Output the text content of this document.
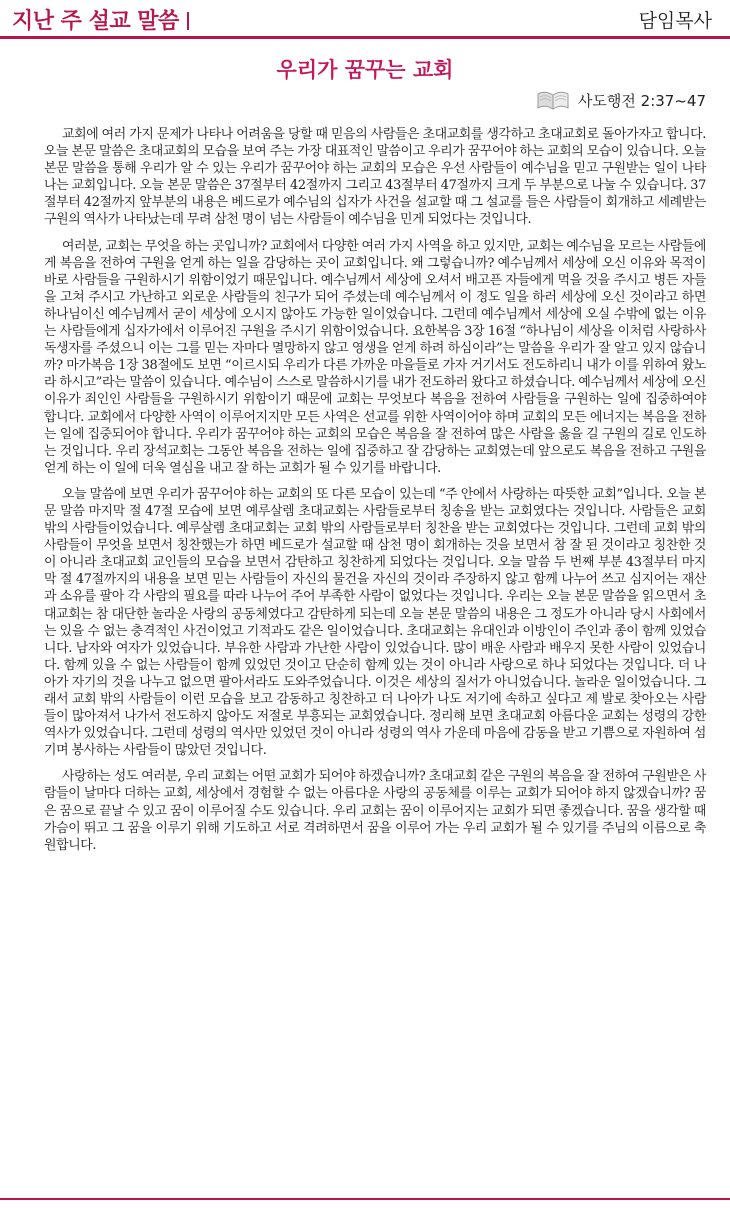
지난 주 설교 말씀	담임목사
우리가 꿈꾸는 교회
사도행전 2:37~47

교회에 여러 가지 문제가 나타나 어려움을 당할 때 믿음의 사람들은 초대교회를 생각하고 초대교회로 돌아가자고 합니다. 오늘 본문 말씀은 초대교회의 모습을 보여 주는 가장 대표적인 말씀이고 우리가 꿈꾸어야 하는 교회의 모습이 있습니다. 오늘 본문 말씀을 통해 우리가 알 수 있는 우리가 꿈꾸어야 하는 교회의 모습은 우선 사람들이 예수님을 믿고 구원받는 일이 나타나는 교회입니다. 오늘 본문 말씀은 37절부터 42절까지 그리고 43절부터 47절까지 크게 두 부분으로 나눌 수 있습니다. 37절부터 42절까지 앞부분의 내용은 베드로가 예수님의 십자가 사건을 설교할 때 그 설교를 들은 사람들이 회개하고 세례받는 구원의 역사가 나타났는데 무려 삼천 명이 넘는 사람들이 예수님을 민게 되었다는 것입니다.

여러분, 교회는 무엇을 하는 곳입니까? 교회에서 다양한 여러 가지 사역을 하고 있지만, 교회는 예수님을 모르는 사람들에게 복음을 전하여 구원을 얻게 하는 일을 감당하는 곳이 교회입니다. 왜 그렇습니까? 예수님께서 세상에 오신 이유와 목적이 바로 사람들을 구원하시기 위함이었기 때문입니다. 예수님께서 세상에 오셔서 배고픈 자들에게 먹을 것을 주시고 병든 자들을 고쳐 주시고 가난하고 외로운 사람들의 친구가 되어 주셨는데 예수님께서 이 정도 일을 하러 세상에 오신 것이라고 하면 하나님이신 예수님께서 굳이 세상에 오시지 않아도 가능한 일이었습니다. 그런데 예수님께서 세상에 오실 수밖에 없는 이유는 사람들에게 십자가에서 이루어진 구원을 주시기 위함이었습니다. 요한복음 3장 16절 “하나님이 세상을 이처럼 사랑하사 독생자를 주셨으니 이는 그를 믿는 자마다 멸망하지 않고 영생을 얻게 하려 하심이라”는 말씀을 우리가 잘 알고 있지 않습니까? 마가복음 1장 38절에도 보면 “이르시되 우리가 다른 가까운 마을들로 가자 거기서도 전도하리니 내가 이를 위하여 왔노라 하시고”라는 말씀이 있습니다. 예수님이 스스로 말씀하시기를 내가 전도하러 왔다고 하셨습니다. 예수님께서 세상에 오신 이유가 죄인인 사람들을 구원하시기 위함이기 때문에 교회는 무엇보다 복음을 전하여 사람들을 구원하는 일에 집중하여야 합니다. 교회에서 다양한 사역이 이루어지지만 모든 사역은 선교를 위한 사역이어야 하며 교회의 모든 에너지는 복음을 전하는 일에 집중되어야 합니다. 우리가 꿈꾸어야 하는 교회의 모습은 복음을 잘 전하여 많은 사람을 옳을 길 구원의 길로 인도하는 것입니다. 우리 장석교회는 그동안 복음을 전하는 일에 집중하고 잘 감당하는 교회였는데 앞으로도 복음을 전하고 구원을 얻게 하는 이 일에 더욱 열심을 내고 잘 하는 교회가 될 수 있기를 바랍니다.

오늘 말씀에 보면 우리가 꿈꾸어야 하는 교회의 또 다른 모습이 있는데 “주 안에서 사랑하는 따뜻한 교회”입니다. 오늘 본문 말씀 마지막 절 47절 모습에 보면 예루살렘 초대교회는 사람들로부터 칭송을 받는 교회였다는 것입니다. 사람들은 교회 밖의 사람들이었습니다. 예루살렘 초대교회는 교회 밖의 사람들로부터 칭찬을 받는 교회였다는 것입니다. 그런데 교회 밖의 사람들이 무엇을 보면서 칭찬했는가 하면 베드로가 설교할 때 삼천 명이 회개하는 것을 보면서 참 잘 된 것이라고 칭찬한 것이 아니라 초대교회 교인들의 모습을 보면서 감탄하고 칭찬하게 되었다는 것입니다. 오늘 말씀 두 번째 부분 43절부터 마지막 절 47절까지의 내용을 보면 믿는 사람들이 자신의 물건을 자신의 것이라 주장하지 않고 함께 나누어 쓰고 심지어는 재산과 소유를 팔아 각 사람의 필요를 따라 나누어 주어 부족한 사람이 없었다는 것입니다. 우리는 오늘 본문 말씀을 읽으면서 초대교회는 참 대단한 놀라운 사랑의 공동체였다고 감탄하게 되는데 오늘 본문 말씀의 내용은 그 정도가 아니라 당시 사회에서는 있을 수 없는 충격적인 사건이었고 기적과도 같은 일이었습니다. 초대교회는 유대인과 이방인이 주인과 종이 함께 있었습니다. 남자와 여자가 있었습니다. 부유한 사람과 가난한 사람이 있었습니다. 많이 배운 사람과 배우지 못한 사람이 있었습니다. 함께 있을 수 없는 사람들이 함께 있었던 것이고 단순히 함께 있는 것이 아니라 사랑으로 하나 되었다는 것입니다. 더 나아가 자기의 것을 나누고 없으면 팔아서라도 도와주었습니다. 이것은 세상의 질서가 아니었습니다. 놀라운 일이었습니다. 그래서 교회 밖의 사람들이 이런 모습을 보고 감동하고 칭찬하고 더 나아가 나도 저기에 속하고 싶다고 제 발로 찾아오는 사람들이 많아져서 나가서 전도하지 않아도 저절로 부흥되는 교회였습니다. 정리해 보면 초대교회 아름다운 교회는 성령의 강한 역사가 있었습니다. 그런데 성령의 역사만 있었던 것이 아니라 성령의 역사 가운데 마음에 감동을 받고 기쁨으로 자원하여 섬기며 봉사하는 사람들이 많았던 것입니다.

사랑하는 성도 여러분, 우리 교회는 어떤 교회가 되어야 하겠습니까? 초대교회 같은 구원의 복음을 잘 전하여 구원받은 사람들이 날마다 더하는 교회, 세상에서 경험할 수 없는 아름다운 사랑의 공동체를 이루는 교회가 되어야 하지 않겠습니까? 꿈은 꿈으로 끝날 수 있고 꿈이 이루어질 수도 있습니다. 우리 교회는 꿈이 이루어지는 교회가 되면 좋겠습니다. 꿈을 생각할 때 가슴이 뛰고 그 꿈을 이루기 위해 기도하고 서로 격려하면서 꿈을 이루어 가는 우리 교회가 될 수 있기를 주님의 이름으로 축원합니다.
